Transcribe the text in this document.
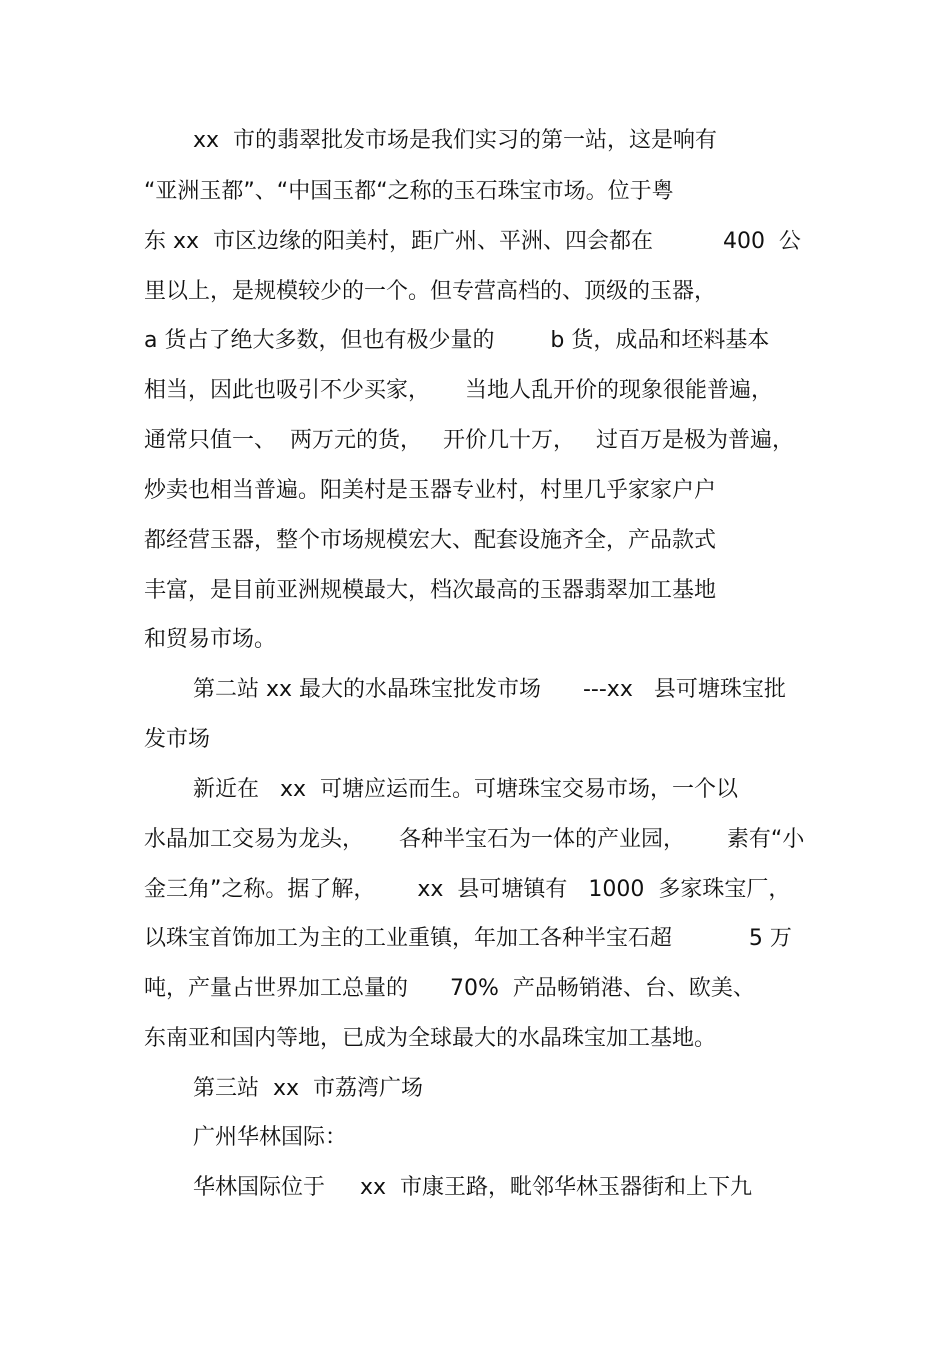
xx  市的翡翠批发市场是我们实习的第一站，这是响有
“亚洲玉都”、“中国玉都“之称的玉石珠宝市场。位于粤
东 xx  市区边缘的阳美村，距广州、平洲、四会都在          400  公
里以上，是规模较少的一个。但专营高档的、顶级的玉器，
a 货占了绝大多数，但也有极少量的        b 货，成品和坯料基本
相当，因此也吸引不少买家，     当地人乱开价的现象很能普遍，
通常只值一、  两万元的货，   开价几十万，   过百万是极为普遍，
炒卖也相当普遍。阳美村是玉器专业村，村里几乎家家户户
都经营玉器，整个市场规模宏大、配套设施齐全，产品款式
丰富，是目前亚洲规模最大，档次最高的玉器翡翠加工基地
和贸易市场。
第二站 xx 最大的水晶珠宝批发市场      ---xx   县可塘珠宝批
发市场
新近在   xx  可塘应运而生。可塘珠宝交易市场，一个以
水晶加工交易为龙头，     各种半宝石为一体的产业园，      素有“小
金三角”之称。据了解，      xx  县可塘镇有   1000  多家珠宝厂，
以珠宝首饰加工为主的工业重镇，年加工各种半宝石超           5 万
吨，产量占世界加工总量的      70%  产品畅销港、台、欧美、
东南亚和国内等地，已成为全球最大的水晶珠宝加工基地。
第三站  xx  市荔湾广场
广州华林国际：
华林国际位于     xx  市康王路，毗邻华林玉器街和上下九
